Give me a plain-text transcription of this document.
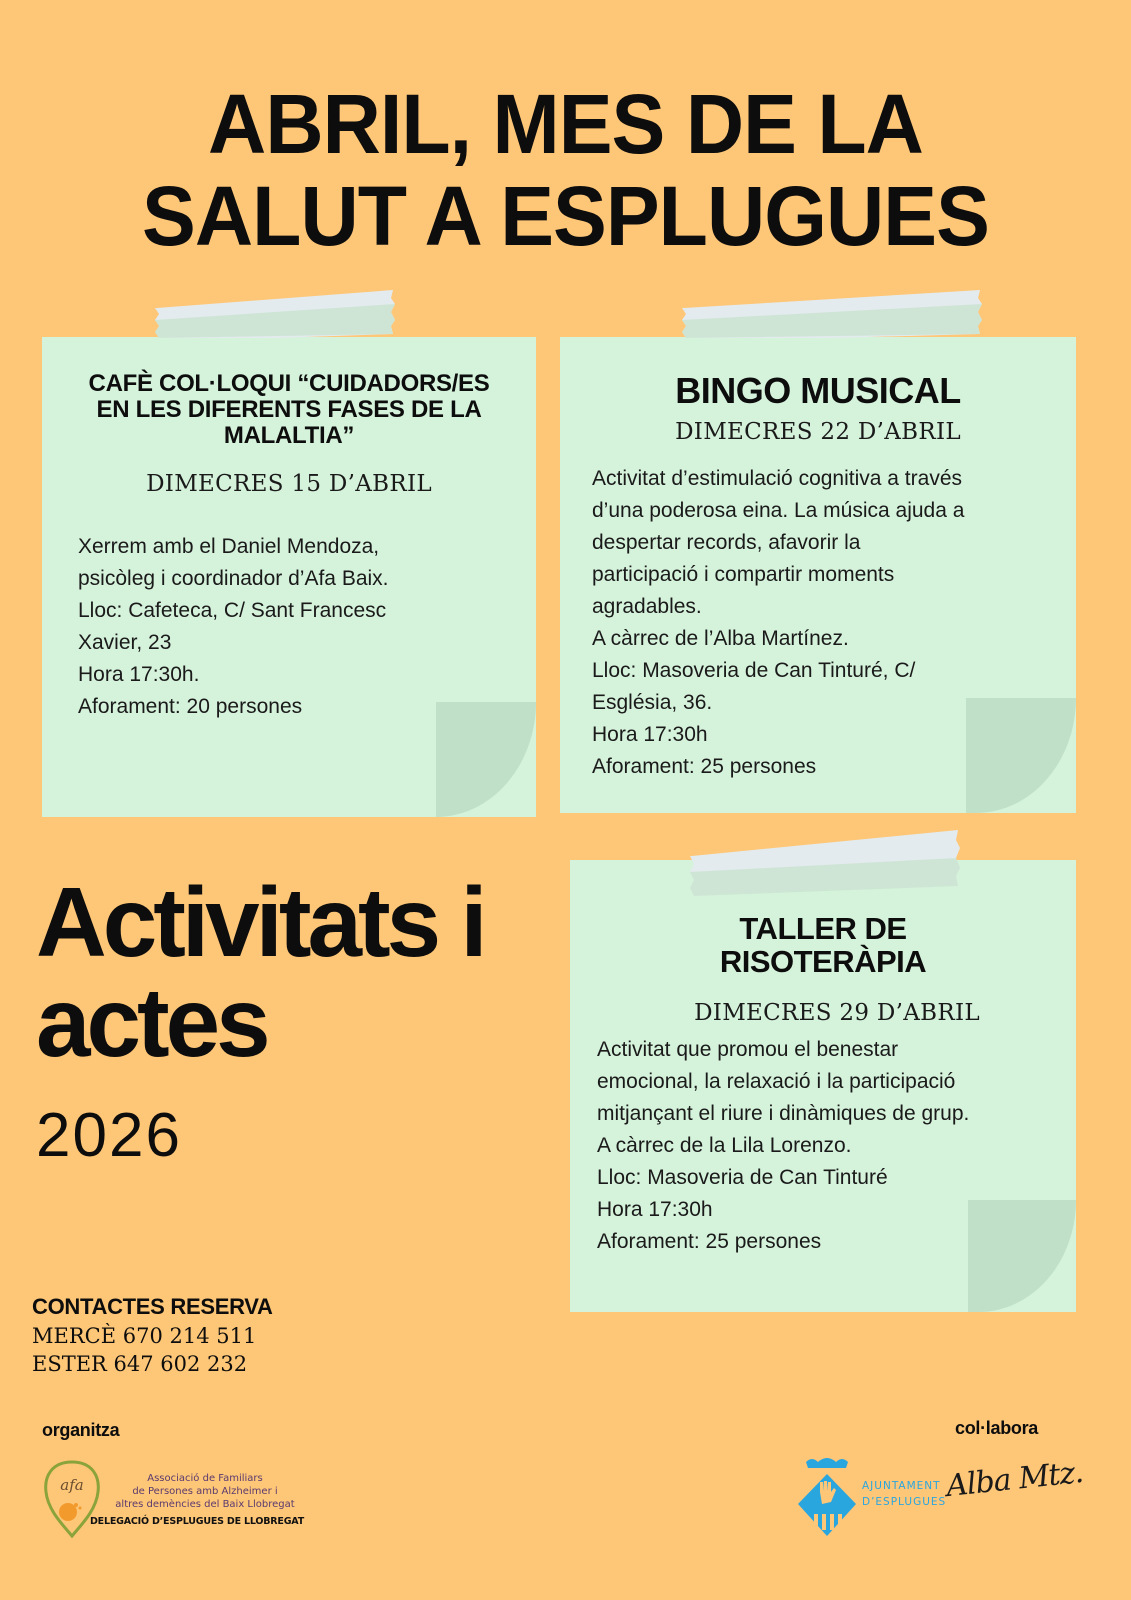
ABRIL, MES DE LA
SALUT A ESPLUGUES
CAFÈ COL·LOQUI “CUIDADORS/ES
EN LES DIFERENTS FASES DE LA
MALALTIA”
DIMECRES 15 D’ABRIL
Xerrem amb el Daniel Mendoza,
psicòleg i coordinador d’Afa Baix.
Lloc: Cafeteca, C/ Sant Francesc
Xavier, 23
Hora 17:30h.
Aforament: 20 persones
BINGO MUSICAL
DIMECRES 22 D’ABRIL
Activitat d’estimulació cognitiva a través
d’una poderosa eina. La música ajuda a
despertar records, afavorir la
participació i compartir moments
agradables.
A càrrec de l’Alba Martínez.
Lloc: Masoveria de Can Tinturé, C/
Església, 36.
Hora 17:30h
Aforament: 25 persones
Activitats i
actes
2026
TALLER DE
RISOTERÀPIA
DIMECRES 29 D’ABRIL
Activitat que promou el benestar
emocional, la relaxació i la participació
mitjançant el riure i dinàmiques de grup.
A càrrec de la Lila Lorenzo.
Lloc: Masoveria de Can Tinturé
Hora 17:30h
Aforament: 25 persones
CONTACTES RESERVA
MERCÈ 670 214 511
ESTER 647 602 232
organitza
afa	Associació de Familiars
de Persones amb Alzheimer i
altres demències del Baix Llobregat
DELEGACIÓ D’ESPLUGUES DE LLOBREGAT
col·labora
AJUNTAMENT
D’ESPLUGUES
Alba Mtz.
